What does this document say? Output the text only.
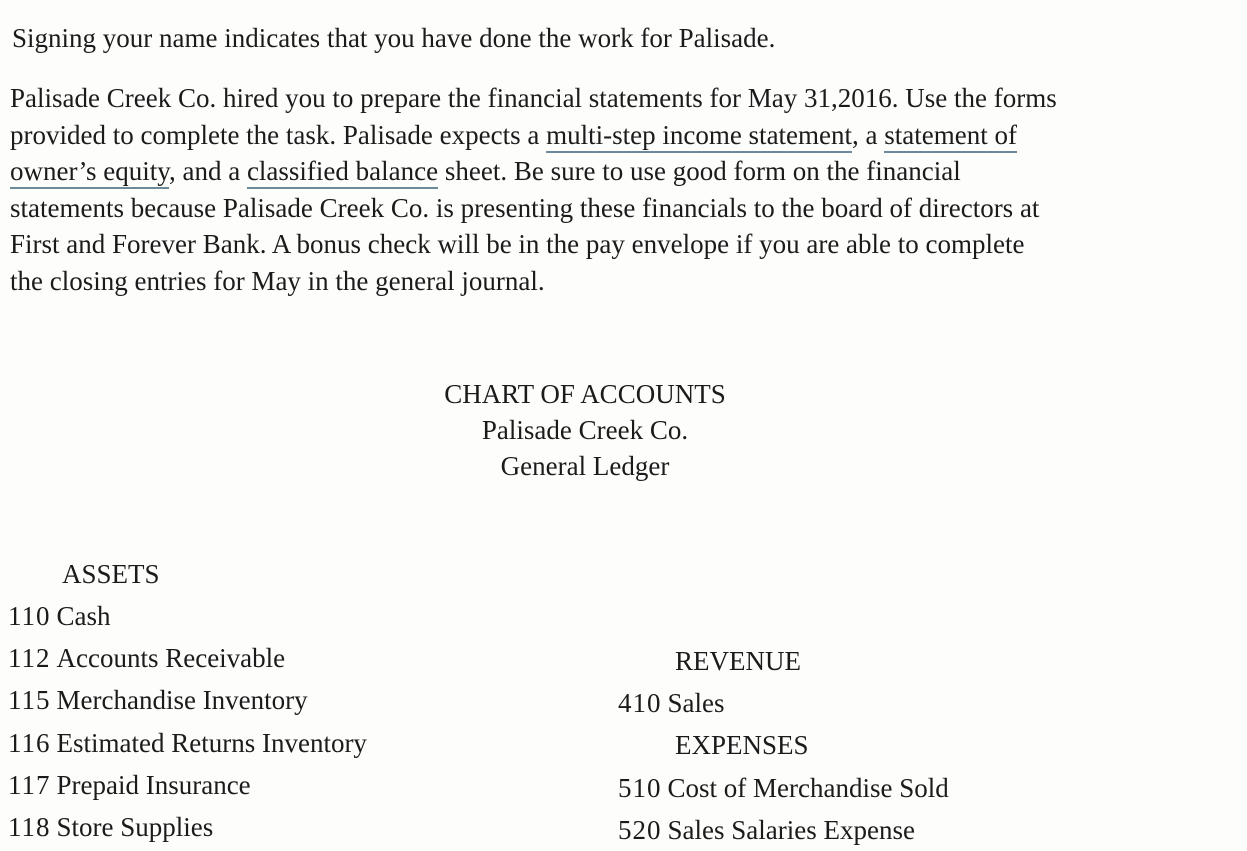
Signing your name indicates that you have done the work for Palisade.
Palisade Creek Co. hired you to prepare the financial statements for May 31,2016. Use the forms
provided to complete the task. Palisade expects a multi-step income statement, a statement of
owner’s equity, and a classified balance sheet. Be sure to use good form on the financial
statements because Palisade Creek Co. is presenting these financials to the board of directors at
First and Forever Bank. A bonus check will be in the pay envelope if you are able to complete
the closing entries for May in the general journal.
CHART OF ACCOUNTS
Palisade Creek Co.
General Ledger
ASSETS
110 Cash
112 Accounts Receivable
115 Merchandise Inventory
116 Estimated Returns Inventory
117 Prepaid Insurance
118 Store Supplies
REVENUE
410 Sales
EXPENSES
510 Cost of Merchandise Sold
520 Sales Salaries Expense
